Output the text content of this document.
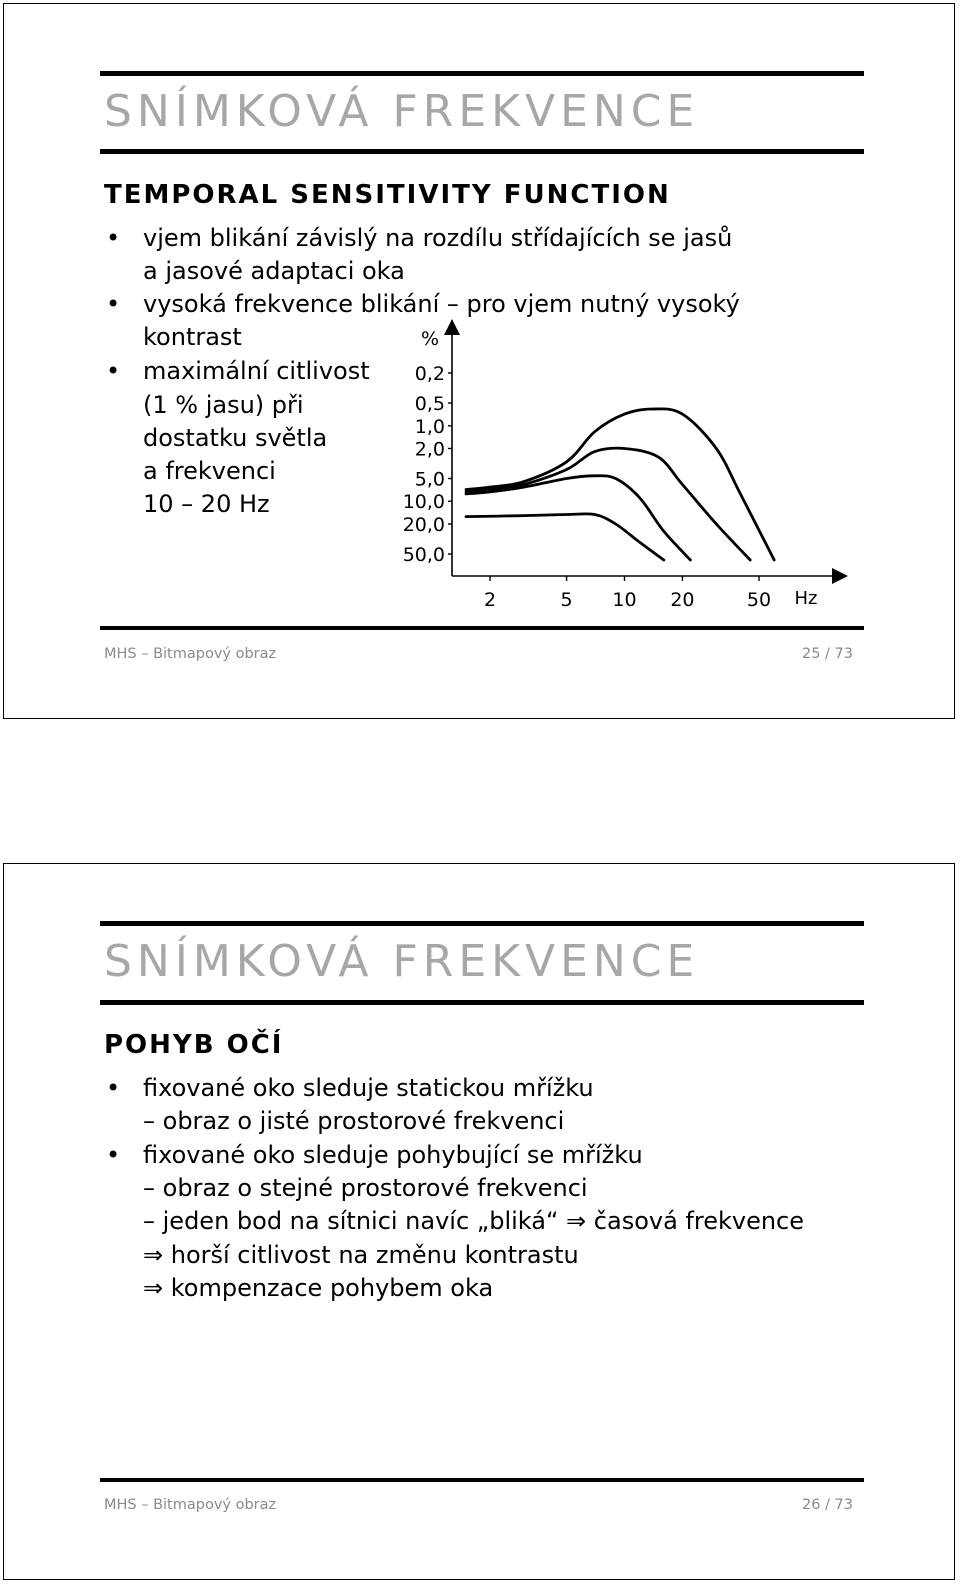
SNÍMKOVÁ FREKVENCE
TEMPORAL SENSITIVITY FUNCTION
• vjem blikání závislý na rozdílu střídajících se jasů
a jasové adaptaci oka
• vysoká frekvence blikání – pro vjem nutný vysoký
kontrast
• maximální citlivost
(1 % jasu) při
dostatku světla
a frekvenci
10 – 20 Hz
0,2
0,5
1,0
2,0
5,0
10,0
20,0
50,0
2	5 10 20	50
%
Hz
MHS – Bitmapový obraz	25 / 73
SNÍMKOVÁ FREKVENCE
POHYB OČÍ
• fixované oko sleduje statickou mřížku
– obraz o jisté prostorové frekvenci
• fixované oko sleduje pohybující se mřížku
– obraz o stejné prostorové frekvenci
– jeden bod na sítnici navíc „bliká“ ⇒ časová frekvence
⇒ horší citlivost na změnu kontrastu
⇒ kompenzace pohybem oka
MHS – Bitmapový obraz	26 / 73
